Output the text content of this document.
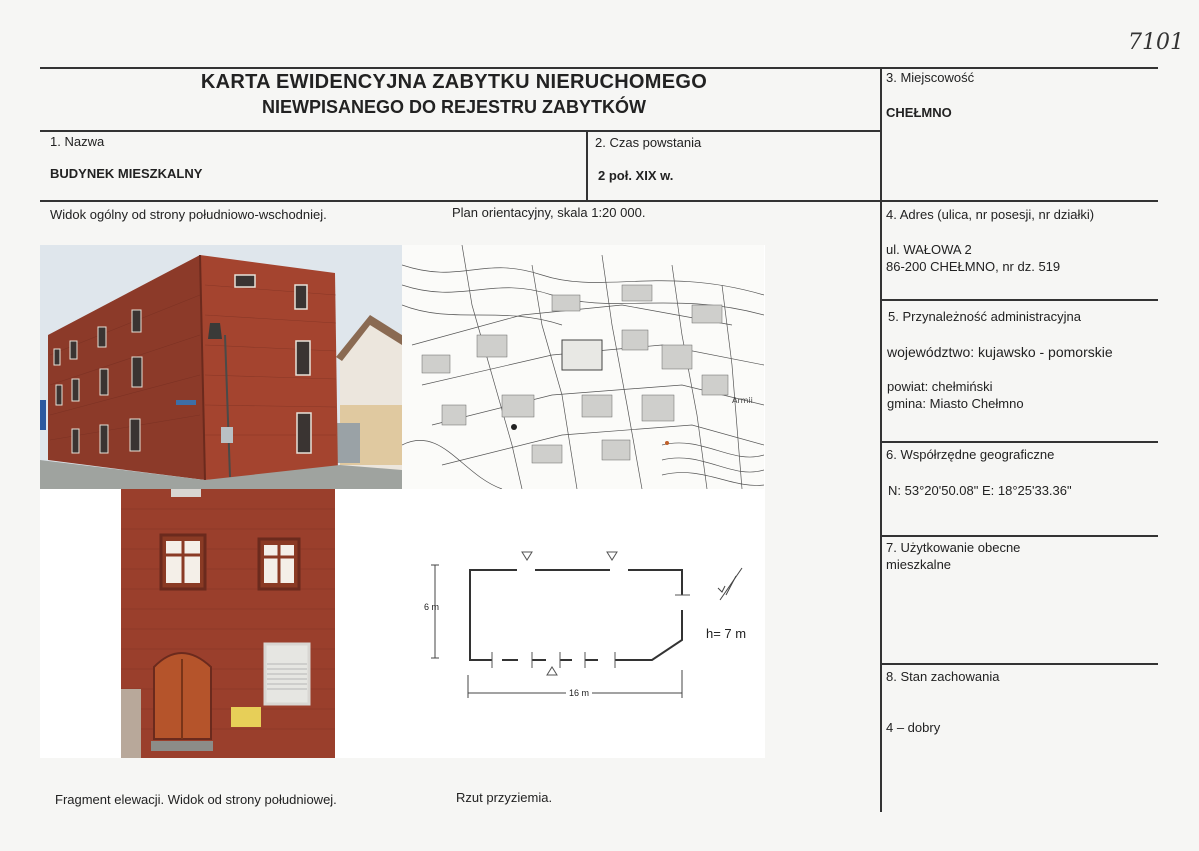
7101
KARTA EWIDENCYJNA ZABYTKU NIERUCHOMEGO
NIEWPISANEGO DO REJESTRU ZABYTKÓW
1. Nazwa
BUDYNEK MIESZKALNY
2. Czas powstania
2 poł. XIX w.
3. Miejscowość
CHEŁMNO
4. Adres (ulica, nr posesji, nr działki)
ul. WAŁOWA 2
86-200 CHEŁMNO, nr dz. 519
5. Przynależność administracyjna
województwo: kujawsko - pomorskie
powiat: chełmiński
gmina: Miasto Chełmno
6. Współrzędne geograficzne
N: 53°20'50.08" E: 18°25'33.36"
7. Użytkowanie obecne
mieszkalne
8. Stan zachowania
4 – dobry
Widok ogólny od strony południowo-wschodniej.	Plan orientacyjny, skala 1:20 000.
Fragment elewacji. Widok od strony południowej.	Rzut przyziemia.
Armii
6 m
16 m
h= 7 m
